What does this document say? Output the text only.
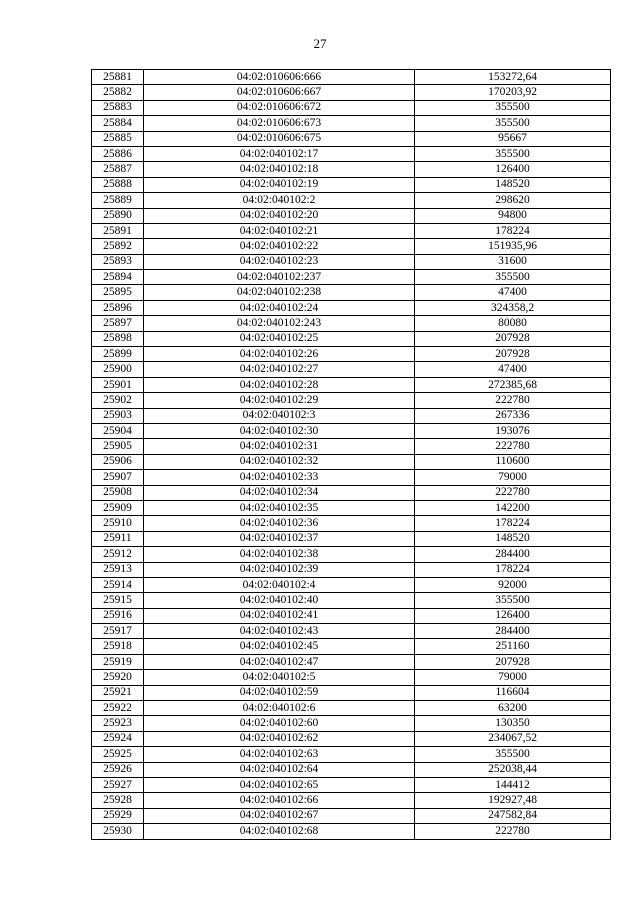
27
25881	04:02:010606:666	153272,64
25882	04:02:010606:667	170203,92
25883	04:02:010606:672	355500
25884	04:02:010606:673	355500
25885	04:02:010606:675	95667
25886	04:02:040102:17	355500
25887	04:02:040102:18	126400
25888	04:02:040102:19	148520
25889	04:02:040102:2	298620
25890	04:02:040102:20	94800
25891	04:02:040102:21	178224
25892	04:02:040102:22	151935,96
25893	04:02:040102:23	31600
25894	04:02:040102:237	355500
25895	04:02:040102:238	47400
25896	04:02:040102:24	324358,2
25897	04:02:040102:243	80080
25898	04:02:040102:25	207928
25899	04:02:040102:26	207928
25900	04:02:040102:27	47400
25901	04:02:040102:28	272385,68
25902	04:02:040102:29	222780
25903	04:02:040102:3	267336
25904	04:02:040102:30	193076
25905	04:02:040102:31	222780
25906	04:02:040102:32	110600
25907	04:02:040102:33	79000
25908	04:02:040102:34	222780
25909	04:02:040102:35	142200
25910	04:02:040102:36	178224
25911	04:02:040102:37	148520
25912	04:02:040102:38	284400
25913	04:02:040102:39	178224
25914	04:02:040102:4	92000
25915	04:02:040102:40	355500
25916	04:02:040102:41	126400
25917	04:02:040102:43	284400
25918	04:02:040102:45	251160
25919	04:02:040102:47	207928
25920	04:02:040102:5	79000
25921	04:02:040102:59	116604
25922	04:02:040102:6	63200
25923	04:02:040102:60	130350
25924	04:02:040102:62	234067,52
25925	04:02:040102:63	355500
25926	04:02:040102:64	252038,44
25927	04:02:040102:65	144412
25928	04:02:040102:66	192927,48
25929	04:02:040102:67	247582,84
25930	04:02:040102:68	222780
